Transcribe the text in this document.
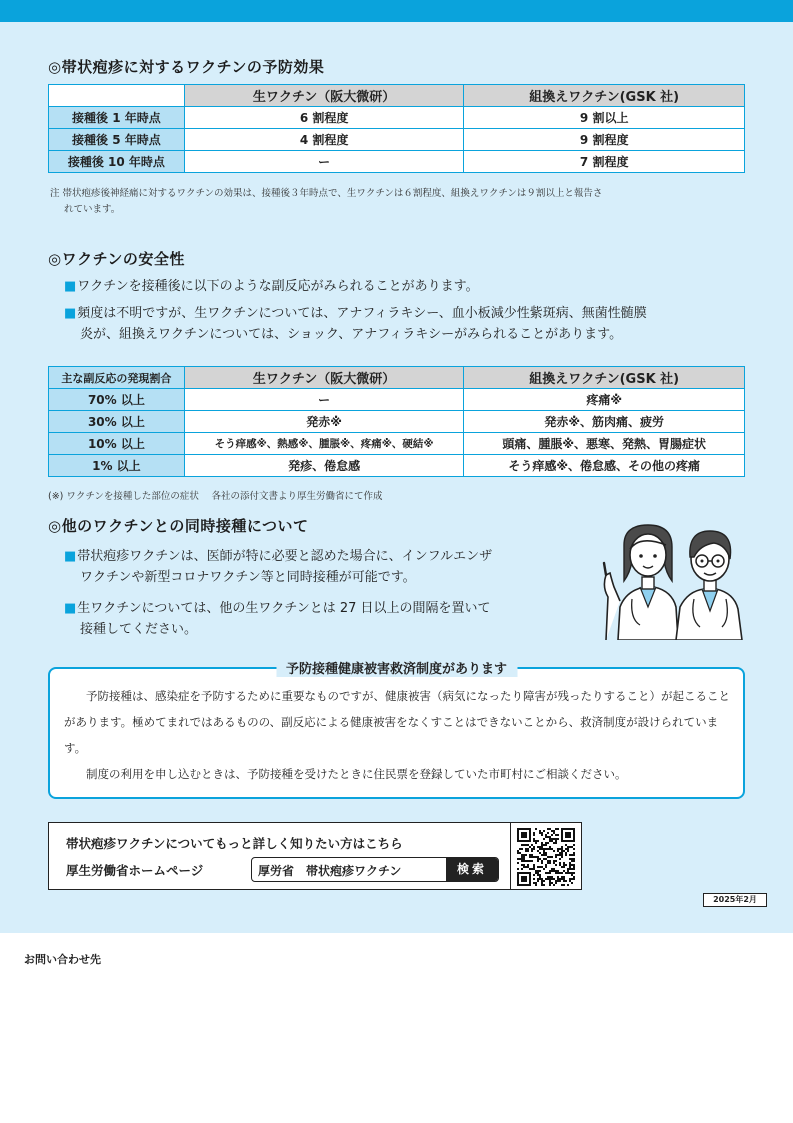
◎帯状疱疹に対するワクチンの予防効果
	生ワクチン（阪大微研）	組換えワクチン(GSK 社)
接種後 1 年時点	6 割程度	9 割以上
接種後 5 年時点	4 割程度	9 割程度
接種後 10 年時点	ー	7 割程度
注 帯状疱疹後神経痛に対するワクチンの効果は、接種後３年時点で、生ワクチンは６割程度、組換えワクチンは９割以上と報告さ
れています。
◎ワクチンの安全性
■ワクチンを接種後に以下のような副反応がみられることがあります。
■頻度は不明ですが、生ワクチンについては、アナフィラキシー、血小板減少性紫斑病、無菌性髄膜
炎が、組換えワクチンについては、ショック、アナフィラキシーがみられることがあります。
主な副反応の発現割合	生ワクチン（阪大微研）	組換えワクチン(GSK 社)
70% 以上	ー	疼痛※
30% 以上	発赤※	発赤※、筋肉痛、疲労
10% 以上	そう痒感※、熱感※、腫脹※、疼痛※、硬結※	頭痛、腫脹※、悪寒、発熱、胃腸症状
1% 以上	発疹、倦怠感	そう痒感※、倦怠感、その他の疼痛
(※) ワクチンを接種した部位の症状　 各社の添付文書より厚生労働省にて作成
◎他のワクチンとの同時接種について
■帯状疱疹ワクチンは、医師が特に必要と認めた場合に、インフルエンザ
ワクチンや新型コロナワクチン等と同時接種が可能です。
■生ワクチンについては、他の生ワクチンとは 27 日以上の間隔を置いて
接種してください。
予防接種健康被害救済制度があります

予防接種は、感染症を予防するために重要なものですが、健康被害（病気になったり障害が残ったりすること）が起こることがあります。極めてまれではあるものの、副反応による健康被害をなくすことはできないことから、救済制度が設けられています。

制度の利用を申し込むときは、予防接種を受けたときに住民票を登録していた市町村にご相談ください。

帯状疱疹ワクチンについてもっと詳しく知りたい方はこちら
厚生労働省ホームページ	厚労省　帯状疱疹ワクチン	検索
2025年2月
お問い合わせ先
